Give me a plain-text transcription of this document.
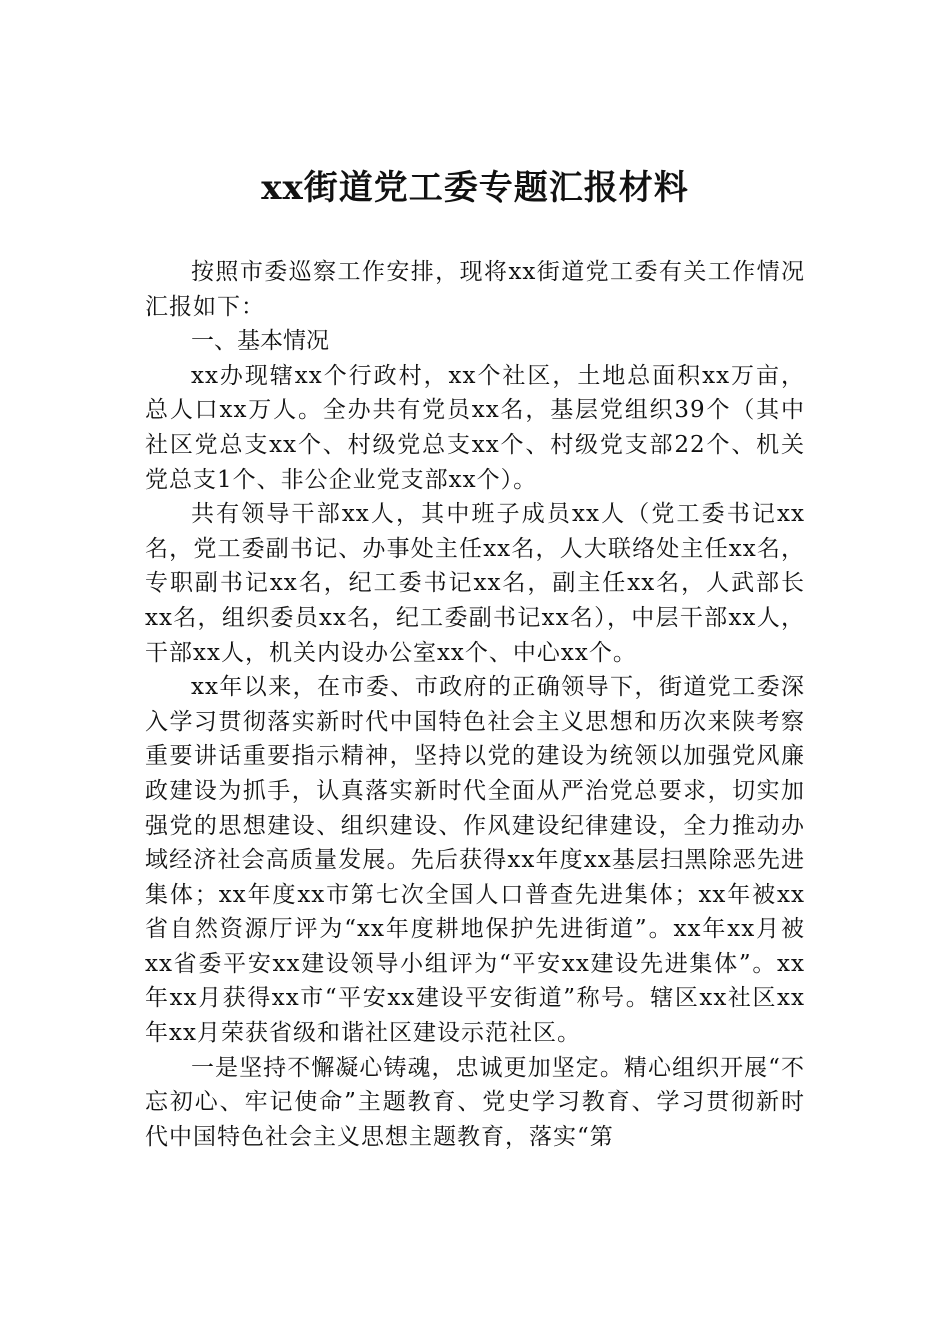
xx街道党工委专题汇报材料

按照市委巡察工作安排，现将xx街道党工委有关工作情况汇报如下：

一、基本情况

xx办现辖xx个行政村，xx个社区，土地总面积xx万亩，总人口xx万人。全办共有党员xx名，基层党组织39个（其中社区党总支xx个、村级党总支xx个、村级党支部22个、机关党总支1个、非公企业党支部xx个）。

共有领导干部xx人，其中班子成员xx人（党工委书记xx名，党工委副书记、办事处主任xx名，人大联络处主任xx名，专职副书记xx名，纪工委书记xx名，副主任xx名，人武部长xx名，组织委员xx名，纪工委副书记xx名），中层干部xx人，干部xx人，机关内设办公室xx个、中心xx个。

xx年以来，在市委、市政府的正确领导下，街道党工委深入学习贯彻落实新时代中国特色社会主义思想和历次来陕考察重要讲话重要指示精神，坚持以党的建设为统领以加强党风廉政建设为抓手，认真落实新时代全面从严治党总要求，切实加强党的思想建设、组织建设、作风建设纪律建设，全力推动办域经济社会高质量发展。先后获得xx年度xx基层扫黑除恶先进集体；xx年度xx市第七次全国人口普查先进集体；xx年被xx省自然资源厅评为“xx年度耕地保护先进街道”。xx年xx月被xx省委平安xx建设领导小组评为“平安xx建设先进集体”。xx年xx月获得xx市“平安xx建设平安街道”称号。辖区xx社区xx年xx月荣获省级和谐社区建设示范社区。

一是坚持不懈凝心铸魂，忠诚更加坚定。精心组织开展“不忘初心、牢记使命”主题教育、党史学习教育、学习贯彻新时代中国特色社会主义思想主题教育，落实“第
